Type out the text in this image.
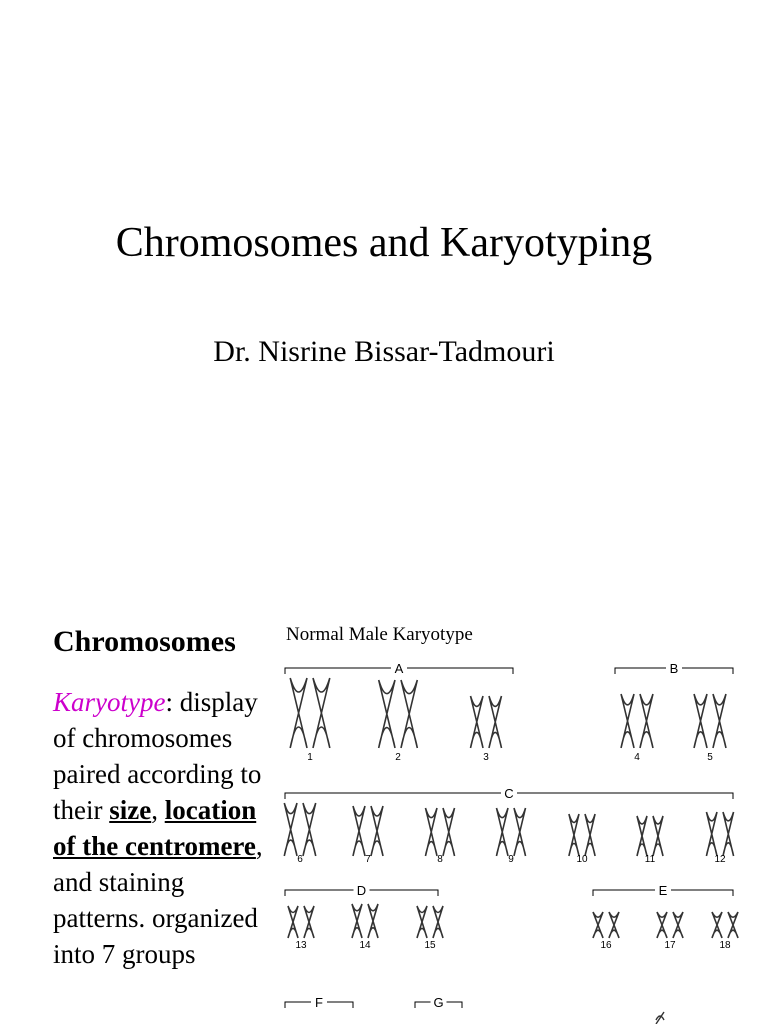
Chromosomes and Karyotyping
Dr. Nisrine Bissar-Tadmouri
Chromosomes
Karyotype: display of chromosomes paired according to their size, location of the centromere, and staining patterns. organized into 7 groups
Normal Male Karyotype
A	B
C
D	E
F	G
1	2	3	4	5
6	7	8	9	10	11	12
13	14	15	16	17	18
